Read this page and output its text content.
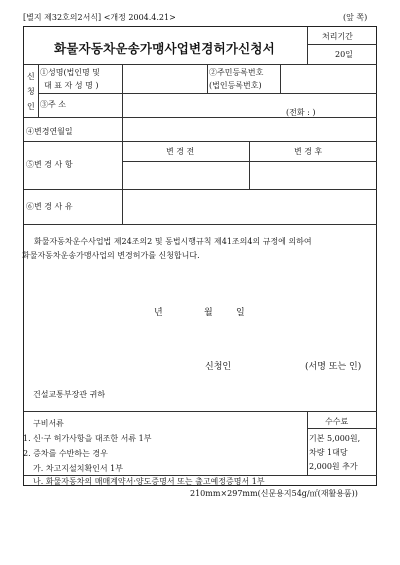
[별지 제32호의2서식] <개정 2004.4.21>	(앞 쪽)
화물자동차운송가맹사업변경허가신청서
처리기간
20일
신
청
인
①성명(법인명 및
대 표 자 성 명 )
②주민등록번호
(법인등록번호)
③주 소
(전화 : )
④변경연월일
⑤변 경 사 항
변 경 전	변 경 후
⑥변 경 사 유
화물자동차운수사업법 제24조의2 및 동법시행규칙 제41조의4의 규정에 의하여
화물자동차운송가맹사업의 변경허가를 신청합니다.
년	월	일
신청인	(서명 또는 인)
건설교통부장관 귀하
구비서류
1. 신·구 허가사항을 대조한 서류 1부
2. 증차를 수반하는 경우
가. 차고지설치확인서 1부
나. 화물자동차의 매매계약서·양도증명서 또는 출고예정증명서 1부
수수료
기본 5,000원,
차량 1대당
2,000원 추가
210mm×297mm(신문용지54g/㎡(재활용품))
